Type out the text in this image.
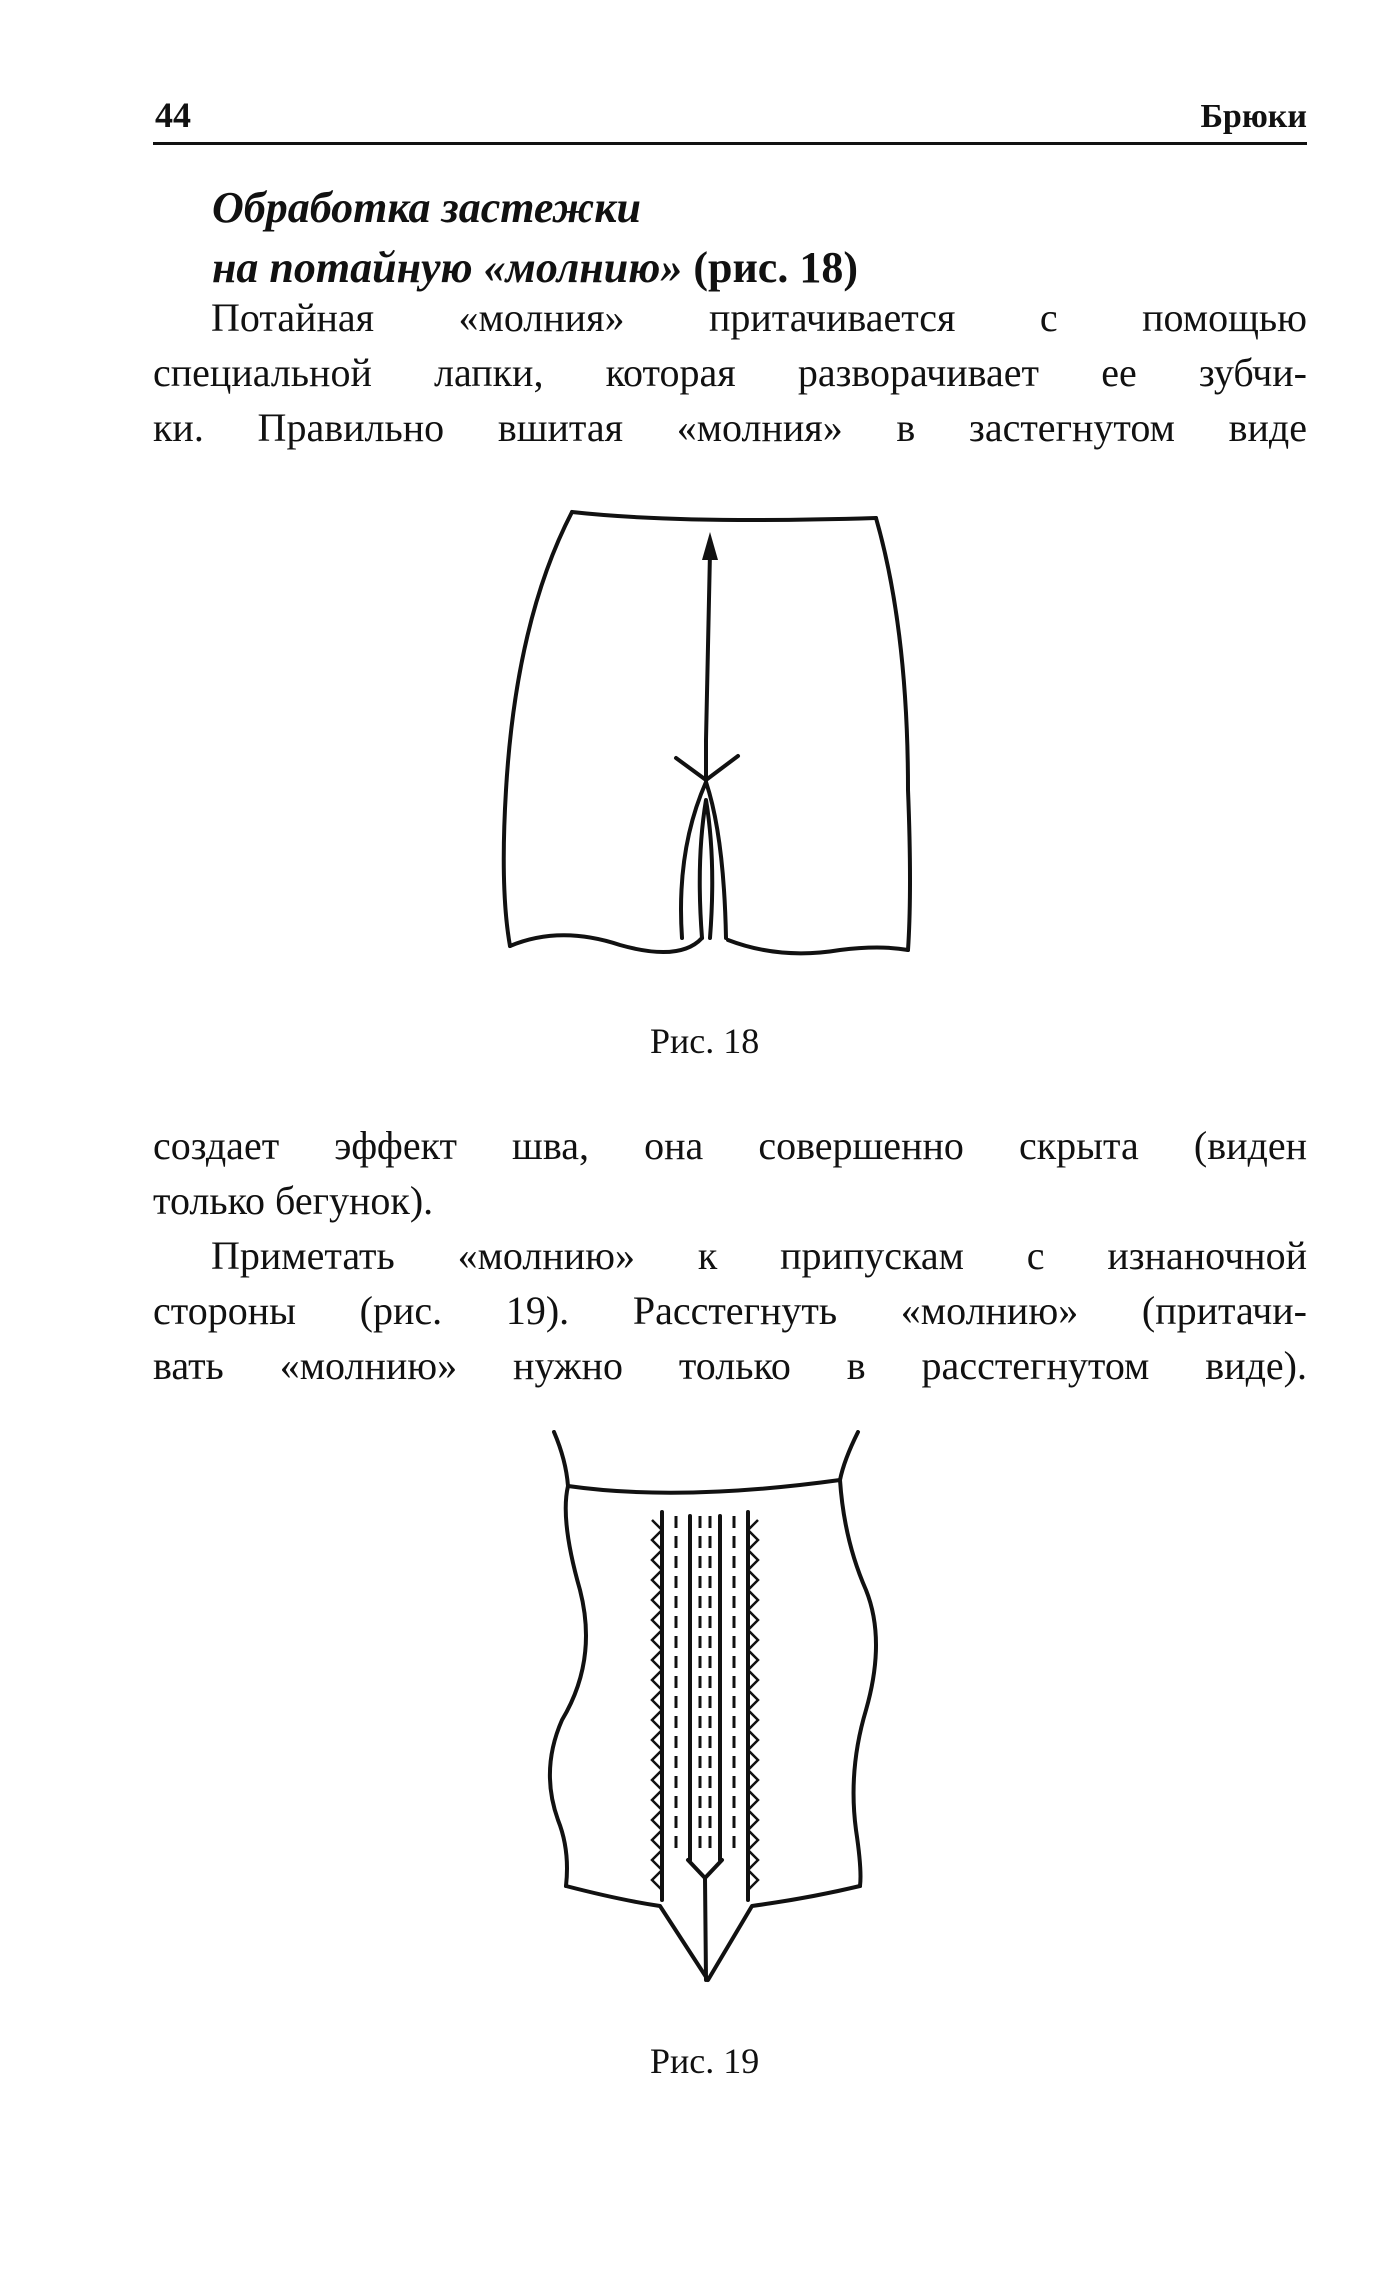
44	Брюки
Обработка застежки
на потайную «молнию» (рис. 18)

Потайная «молния» притачивается с помощью
специальной лапки, которая разворачивает ее зубчи-
ки. Правильно вшитая «молния» в застегнутом виде

Рис. 18

создает эффект шва, она совершенно скрыта (виден
только бегунок).

Приметать «молнию» к припускам с изнаночной
стороны (рис. 19). Расстегнуть «молнию» (притачи-
вать «молнию» нужно только в расстегнутом виде).

Рис. 19
